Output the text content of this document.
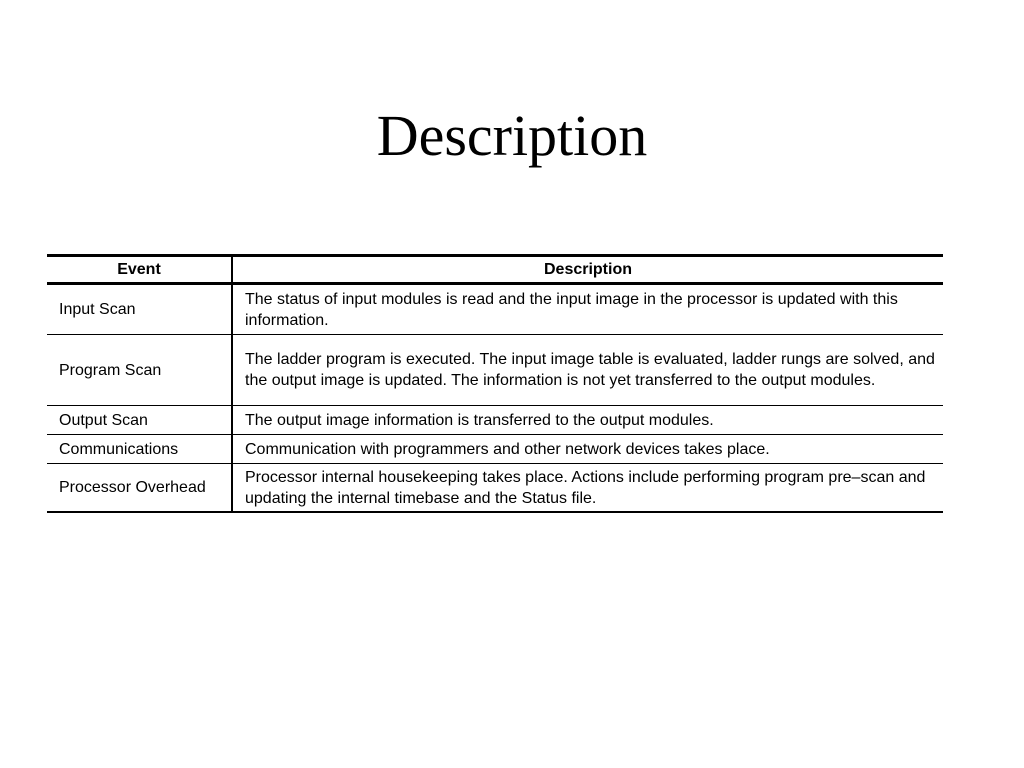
Description
Event	Description
Input Scan	The status of input modules is read and the input image in the processor is updated with this information.
Program Scan	The ladder program is executed. The input image table is evaluated, ladder rungs are solved, and the output image is updated. The information is not yet transferred to the output modules.
Output Scan	The output image information is transferred to the output modules.
Communications	Communication with programmers and other network devices takes place.
Processor Overhead	Processor internal housekeeping takes place. Actions include performing program pre–scan and updating the internal timebase and the Status file.
